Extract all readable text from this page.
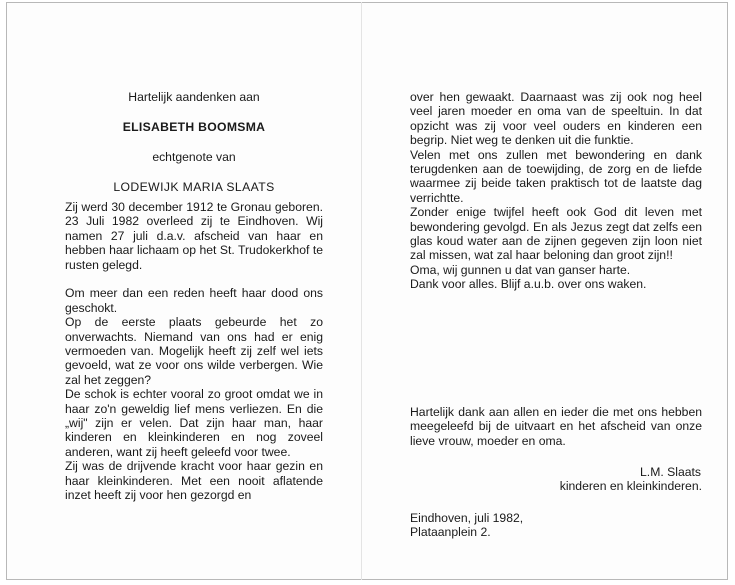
Hartelijk aandenken aan
ELISABETH BOOMSMA
echtgenote van
LODEWIJK MARIA SLAATS

Zij werd 30 december 1912 te Gronau geboren. 23 Juli 1982 overleed zij te Eindhoven. Wij namen 27 juli d.a.v. afscheid van haar en hebben haar lichaam op het St. Trudokerkhof te rusten gelegd.

Om meer dan een reden heeft haar dood ons geschokt.

Op de eerste plaats gebeurde het zo onverwachts. Niemand van ons had er enig vermoeden van. Mogelijk heeft zij zelf wel iets gevoeld, wat ze voor ons wilde verbergen. Wie zal het zeggen?

De schok is echter vooral zo groot omdat we in haar zo'n geweldig lief mens verliezen. En die „wij" zijn er velen. Dat zijn haar man, haar kinderen en kleinkinderen en nog zoveel anderen, want zij heeft geleefd voor twee.

Zij was de drijvende kracht voor haar gezin en haar kleinkinderen. Met een nooit aflatende inzet heeft zij voor hen gezorgd en

over hen gewaakt. Daarnaast was zij ook nog heel veel jaren moeder en oma van de speeltuin. In dat opzicht was zij voor veel ouders en kinderen een begrip. Niet weg te denken uit die funktie.

Velen met ons zullen met bewondering en dank terugdenken aan de toewijding, de zorg en de liefde waarmee zij beide taken praktisch tot de laatste dag verrichtte.

Zonder enige twijfel heeft ook God dit leven met bewondering gevolgd. En als Jezus zegt dat zelfs een glas koud water aan de zijnen gegeven zijn loon niet zal missen, wat zal haar beloning dan groot zijn!!

Oma, wij gunnen u dat van ganser harte.

Dank voor alles. Blijf a.u.b. over ons waken.

Hartelijk dank aan allen en ieder die met ons hebben meegeleefd bij de uitvaart en het afscheid van onze lieve vrouw, moeder en oma.
L.M. Slaats
kinderen en kleinkinderen.
Eindhoven, juli 1982,
Plataanplein 2.
